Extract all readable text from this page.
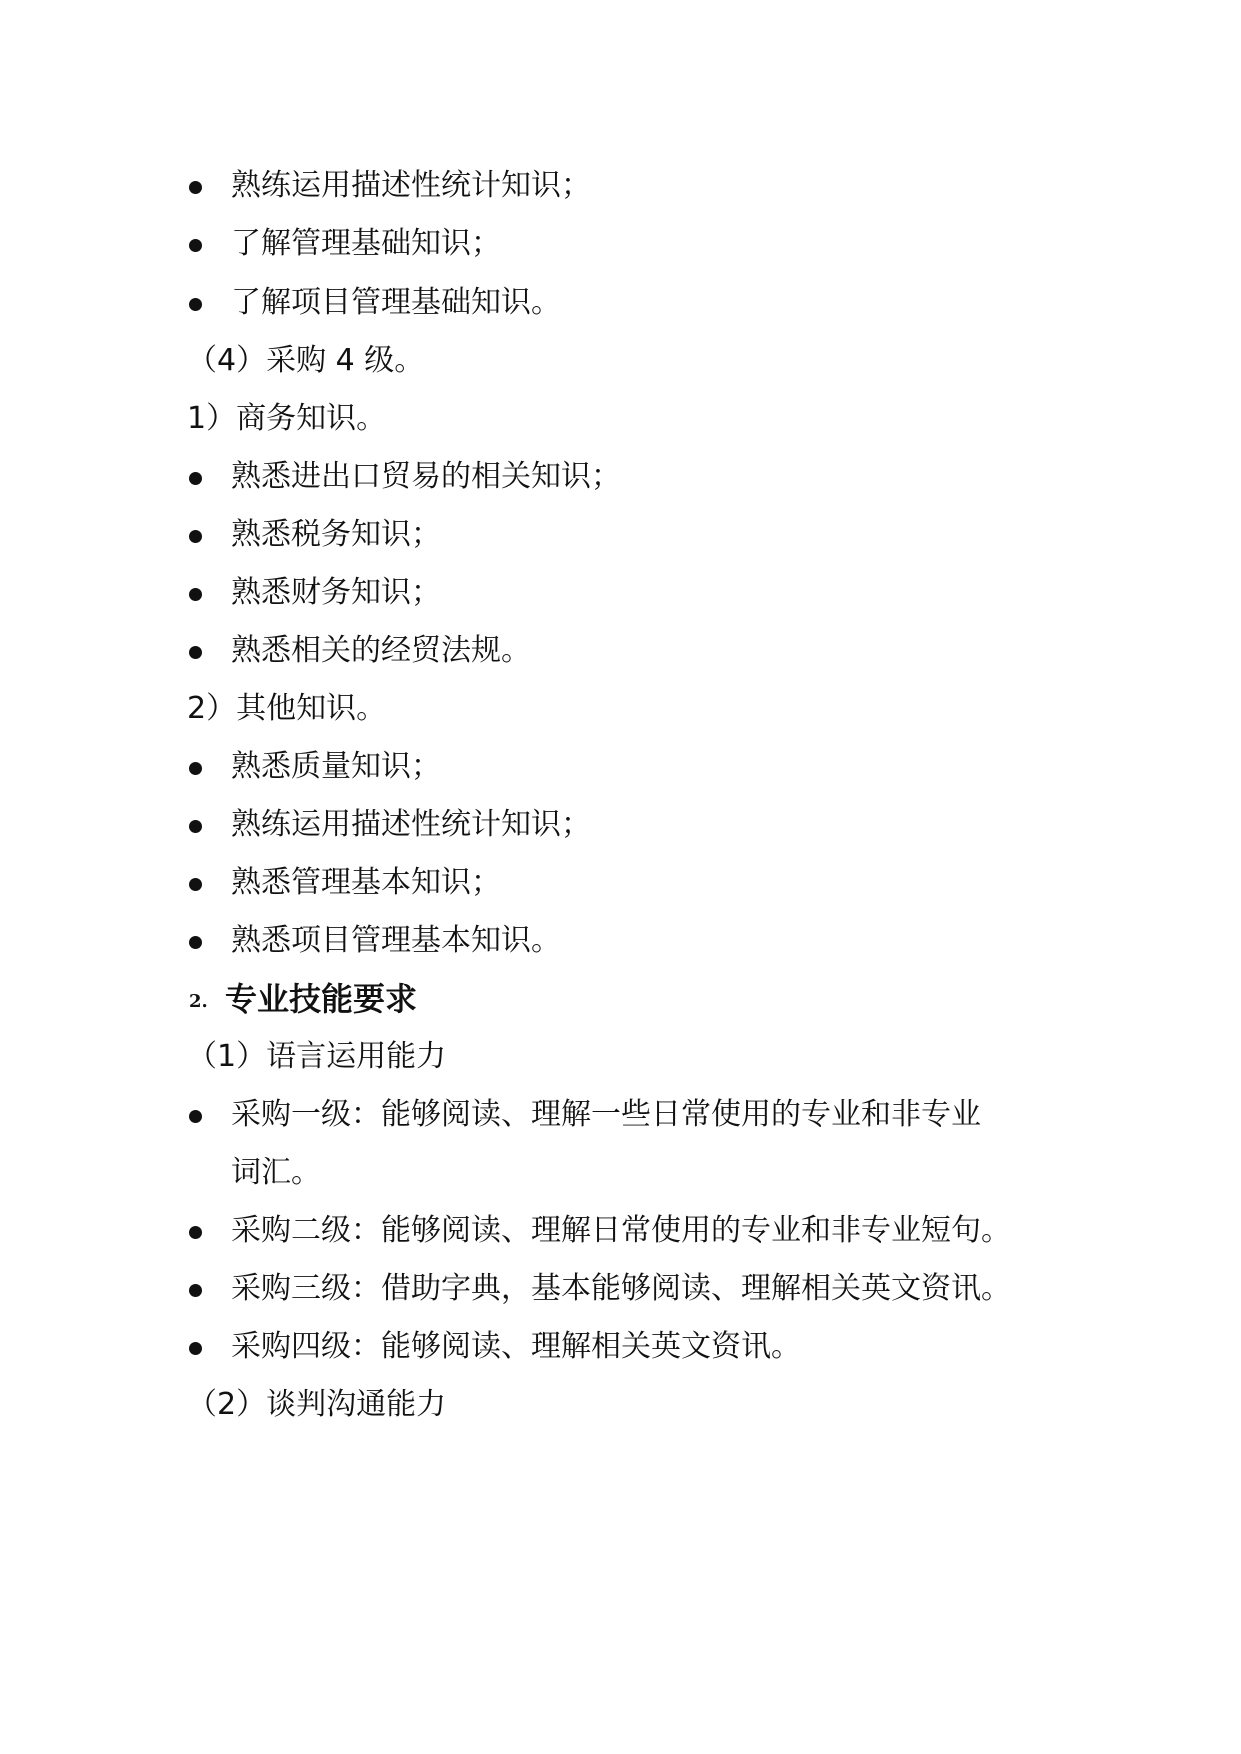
熟练运用描述性统计知识；
了解管理基础知识；
了解项目管理基础知识。
（4）采购 4 级。
1）商务知识。
熟悉进出口贸易的相关知识；
熟悉税务知识；
熟悉财务知识；
熟悉相关的经贸法规。
2）其他知识。
熟悉质量知识；
熟练运用描述性统计知识；
熟悉管理基本知识；
熟悉项目管理基本知识。
2. 专业技能要求
（1）语言运用能力
采购一级：能够阅读、理解一些日常使用的专业和非专业
词汇。
采购二级：能够阅读、理解日常使用的专业和非专业短句。
采购三级：借助字典，基本能够阅读、理解相关英文资讯。
采购四级：能够阅读、理解相关英文资讯。
（2）谈判沟通能力
